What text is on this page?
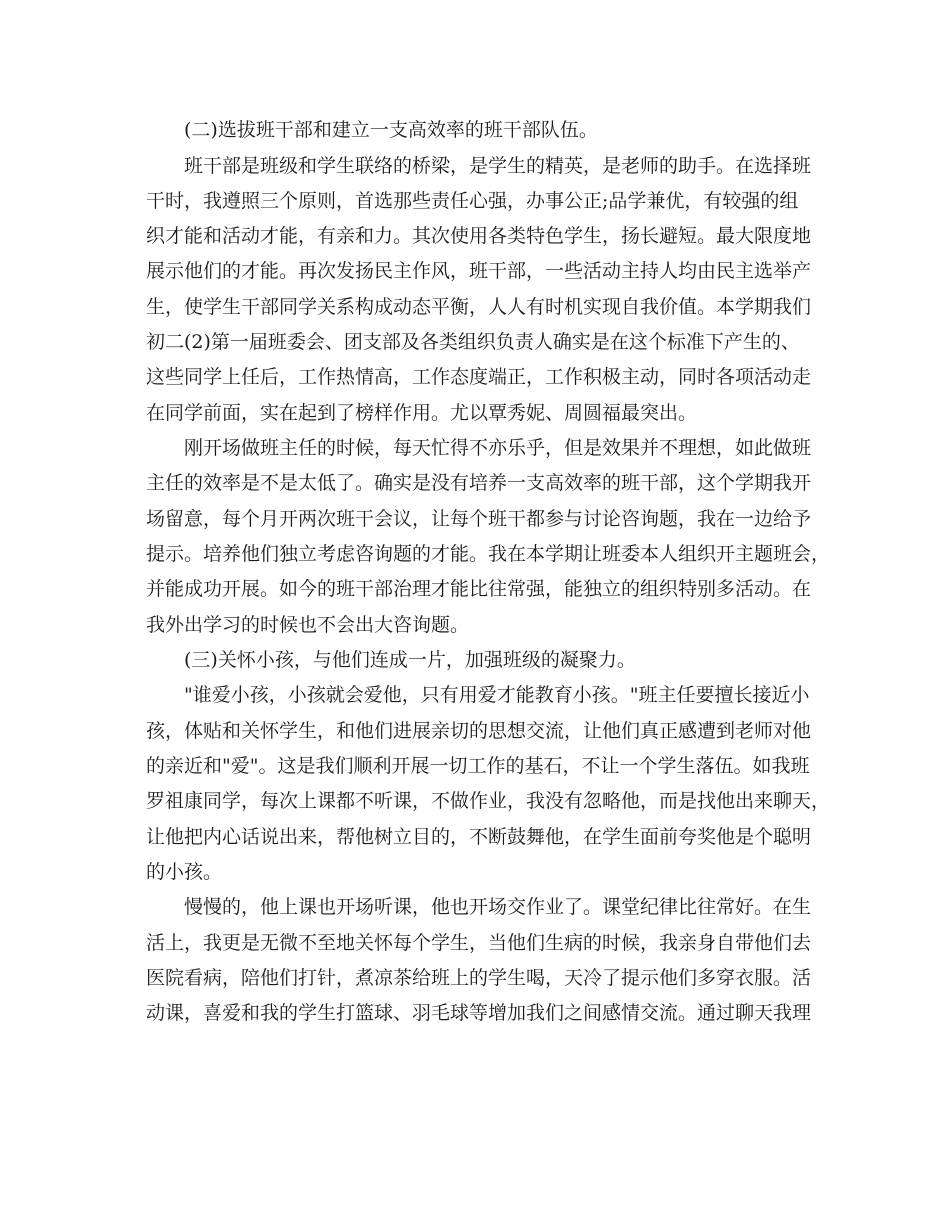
(二)选拔班干部和建立一支高效率的班干部队伍。
班干部是班级和学生联络的桥梁，是学生的精英，是老师的助手。在选择班
干时，我遵照三个原则，首选那些责任心强，办事公正;品学兼优，有较强的组
织才能和活动才能，有亲和力。其次使用各类特色学生，扬长避短。最大限度地
展示他们的才能。再次发扬民主作风，班干部，一些活动主持人均由民主选举产
生，使学生干部同学关系构成动态平衡，人人有时机实现自我价值。本学期我们
初二(2)第一届班委会、团支部及各类组织负责人确实是在这个标准下产生的、
这些同学上任后，工作热情高，工作态度端正，工作积极主动，同时各项活动走
在同学前面，实在起到了榜样作用。尤以覃秀妮、周圆福最突出。
刚开场做班主任的时候，每天忙得不亦乐乎，但是效果并不理想，如此做班
主任的效率是不是太低了。确实是没有培养一支高效率的班干部，这个学期我开
场留意，每个月开两次班干会议，让每个班干都参与讨论咨询题，我在一边给予
提示。培养他们独立考虑咨询题的才能。我在本学期让班委本人组织开主题班会，
并能成功开展。如今的班干部治理才能比往常强，能独立的组织特别多活动。在
我外出学习的时候也不会出大咨询题。
(三)关怀小孩，与他们连成一片，加强班级的凝聚力。
"谁爱小孩，小孩就会爱他，只有用爱才能教育小孩。"班主任要擅长接近小
孩，体贴和关怀学生，和他们进展亲切的思想交流，让他们真正感遭到老师对他
的亲近和"爱"。这是我们顺利开展一切工作的基石，不让一个学生落伍。如我班
罗祖康同学，每次上课都不听课，不做作业，我没有忽略他，而是找他出来聊天，
让他把内心话说出来，帮他树立目的，不断鼓舞他，在学生面前夸奖他是个聪明
的小孩。
慢慢的，他上课也开场听课，他也开场交作业了。课堂纪律比往常好。在生
活上，我更是无微不至地关怀每个学生，当他们生病的时候，我亲身自带他们去
医院看病，陪他们打针，煮凉茶给班上的学生喝，天冷了提示他们多穿衣服。活
动课，喜爱和我的学生打篮球、羽毛球等增加我们之间感情交流。通过聊天我理
